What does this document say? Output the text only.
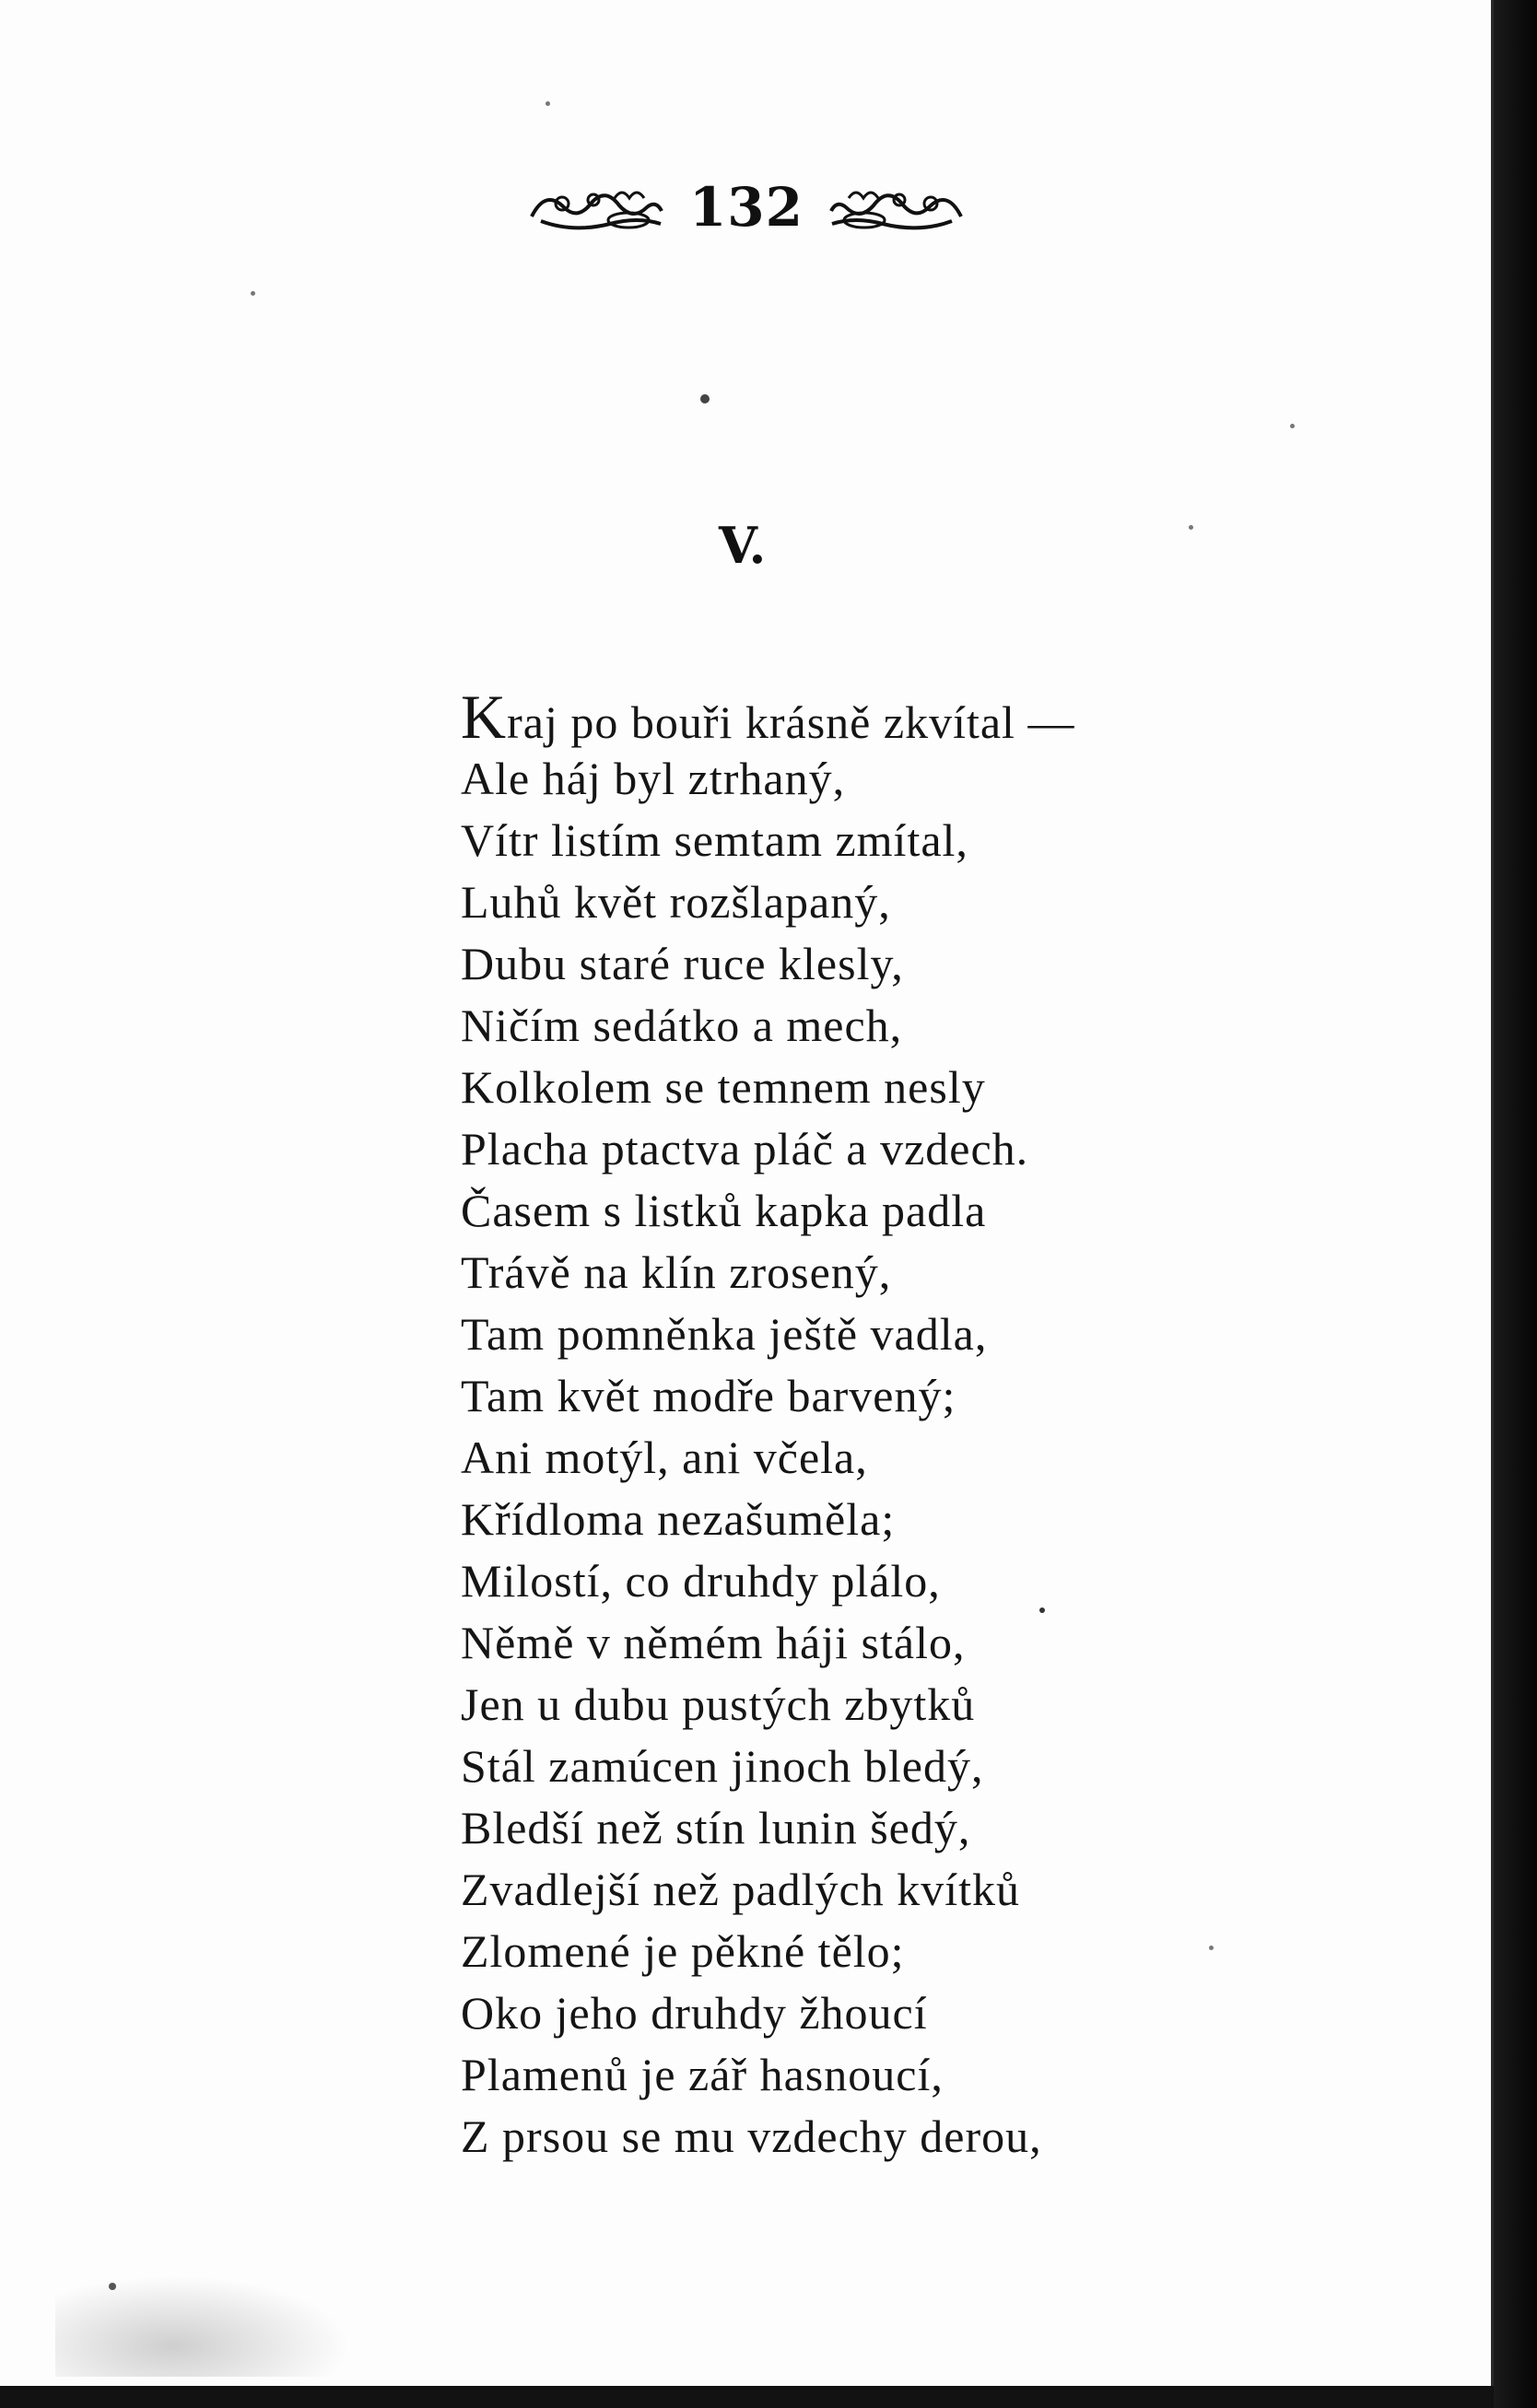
132
V.
Kraj po bouři krásně zkvítal —
Ale háj byl ztrhaný,
Vítr listím semtam zmítal,
Luhů květ rozšlapaný,
Dubu staré ruce klesly,
Ničím sedátko a mech,
Kolkolem se temnem nesly
Placha ptactva pláč a vzdech.
Časem s listků kapka padla
Trávě na klín zrosený,
Tam pomněnka ještě vadla,
Tam květ modře barvený;
Ani motýl, ani včela,
Křídloma nezašuměla;
Milostí, co druhdy plálo,
Němě v němém háji stálo,
Jen u dubu pustých zbytků
Stál zamúcen jinoch bledý,
Bledší než stín lunin šedý,
Zvadlejší než padlých kvítků
Zlomené je pěkné tělo;
Oko jeho druhdy žhoucí
Plamenů je zář hasnoucí,
Z prsou se mu vzdechy derou,
